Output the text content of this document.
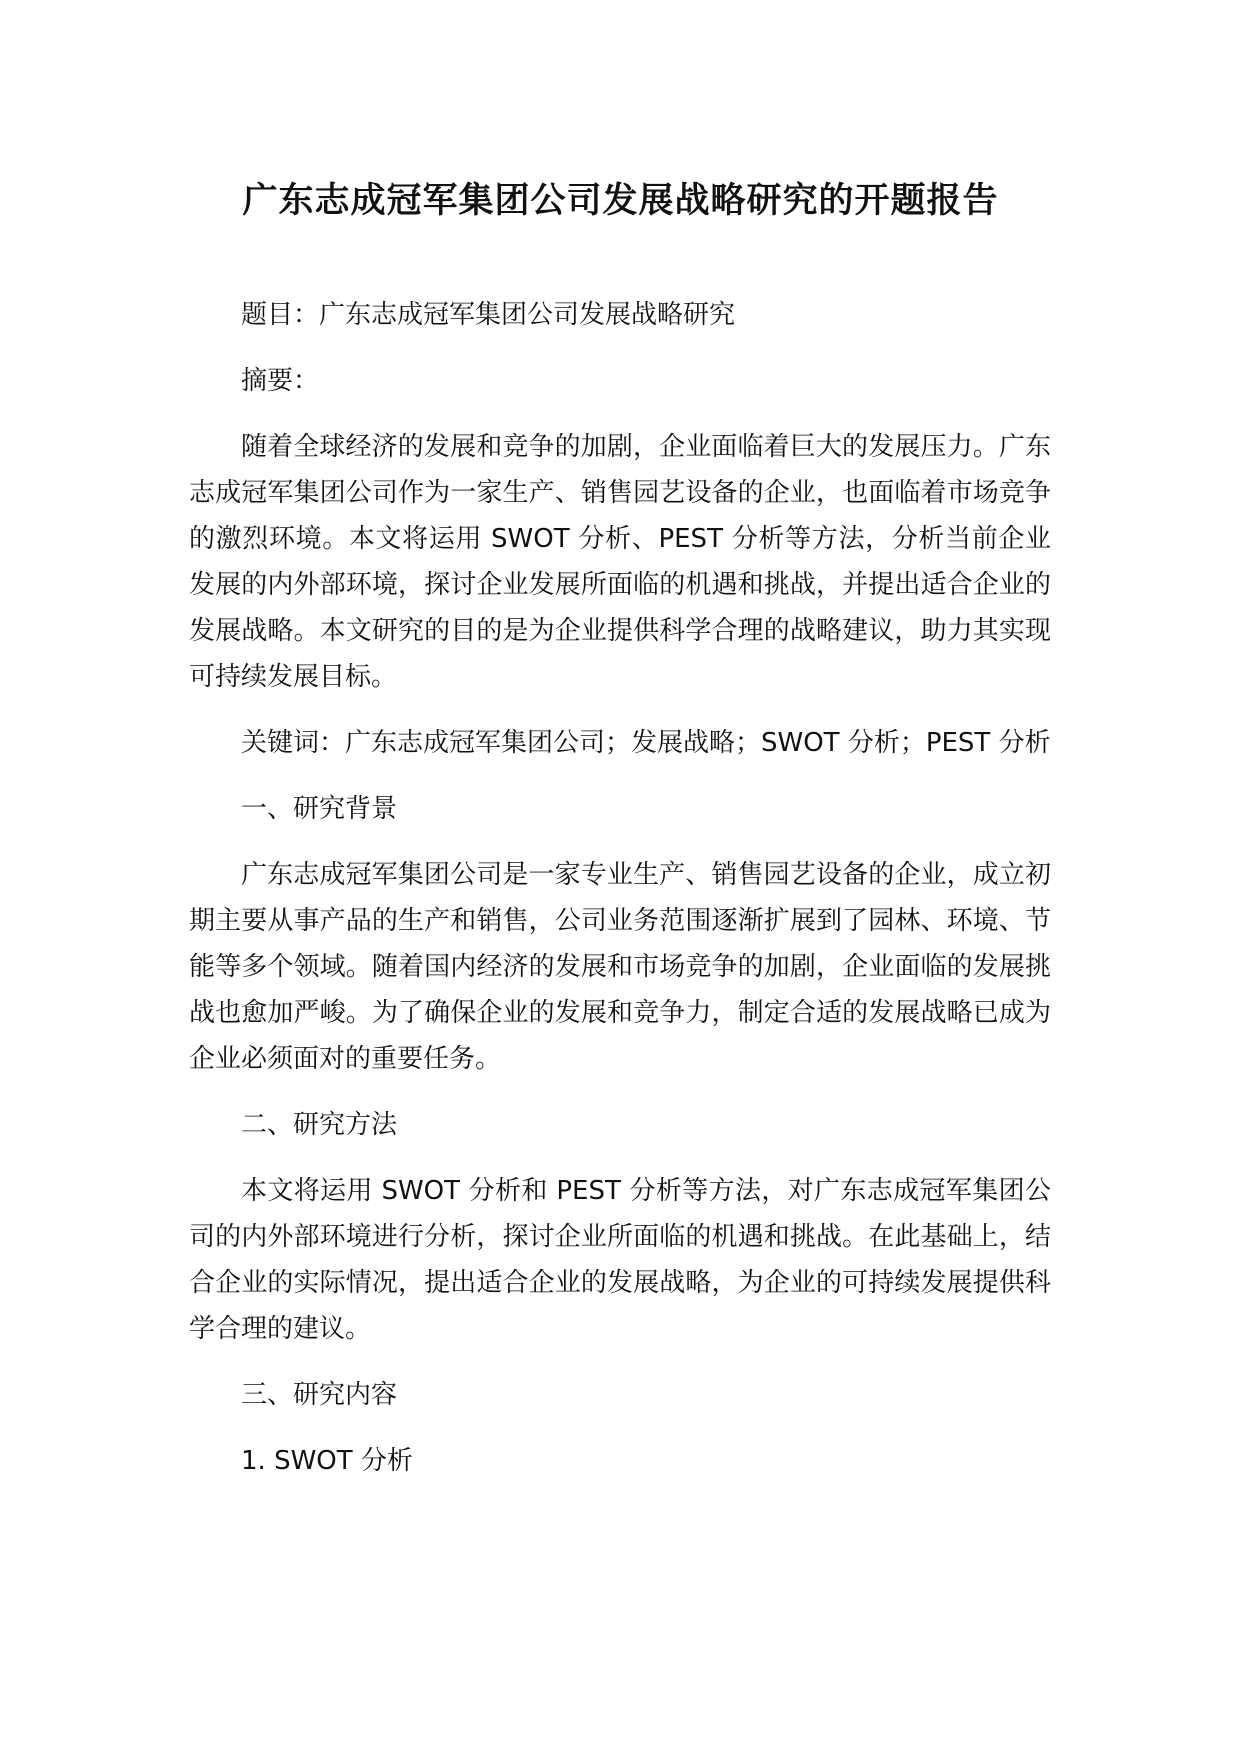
广东志成冠军集团公司发展战略研究的开题报告

题目：广东志成冠军集团公司发展战略研究

摘要：

随着全球经济的发展和竞争的加剧，企业面临着巨大的发展压力。广东志成冠军集团公司作为一家生产、销售园艺设备的企业，也面临着市场竞争的激烈环境。本文将运用 SWOT 分析、PEST 分析等方法，分析当前企业发展的内外部环境，探讨企业发展所面临的机遇和挑战，并提出适合企业的发展战略。本文研究的目的是为企业提供科学合理的战略建议，助力其实现可持续发展目标。

关键词：广东志成冠军集团公司；发展战略；SWOT 分析；PEST 分析

一、研究背景

广东志成冠军集团公司是一家专业生产、销售园艺设备的企业，成立初期主要从事产品的生产和销售，公司业务范围逐渐扩展到了园林、环境、节能等多个领域。随着国内经济的发展和市场竞争的加剧，企业面临的发展挑战也愈加严峻。为了确保企业的发展和竞争力，制定合适的发展战略已成为企业必须面对的重要任务。

二、研究方法

本文将运用 SWOT 分析和 PEST 分析等方法，对广东志成冠军集团公司的内外部环境进行分析，探讨企业所面临的机遇和挑战。在此基础上，结合企业的实际情况，提出适合企业的发展战略，为企业的可持续发展提供科学合理的建议。

三、研究内容

1. SWOT 分析
